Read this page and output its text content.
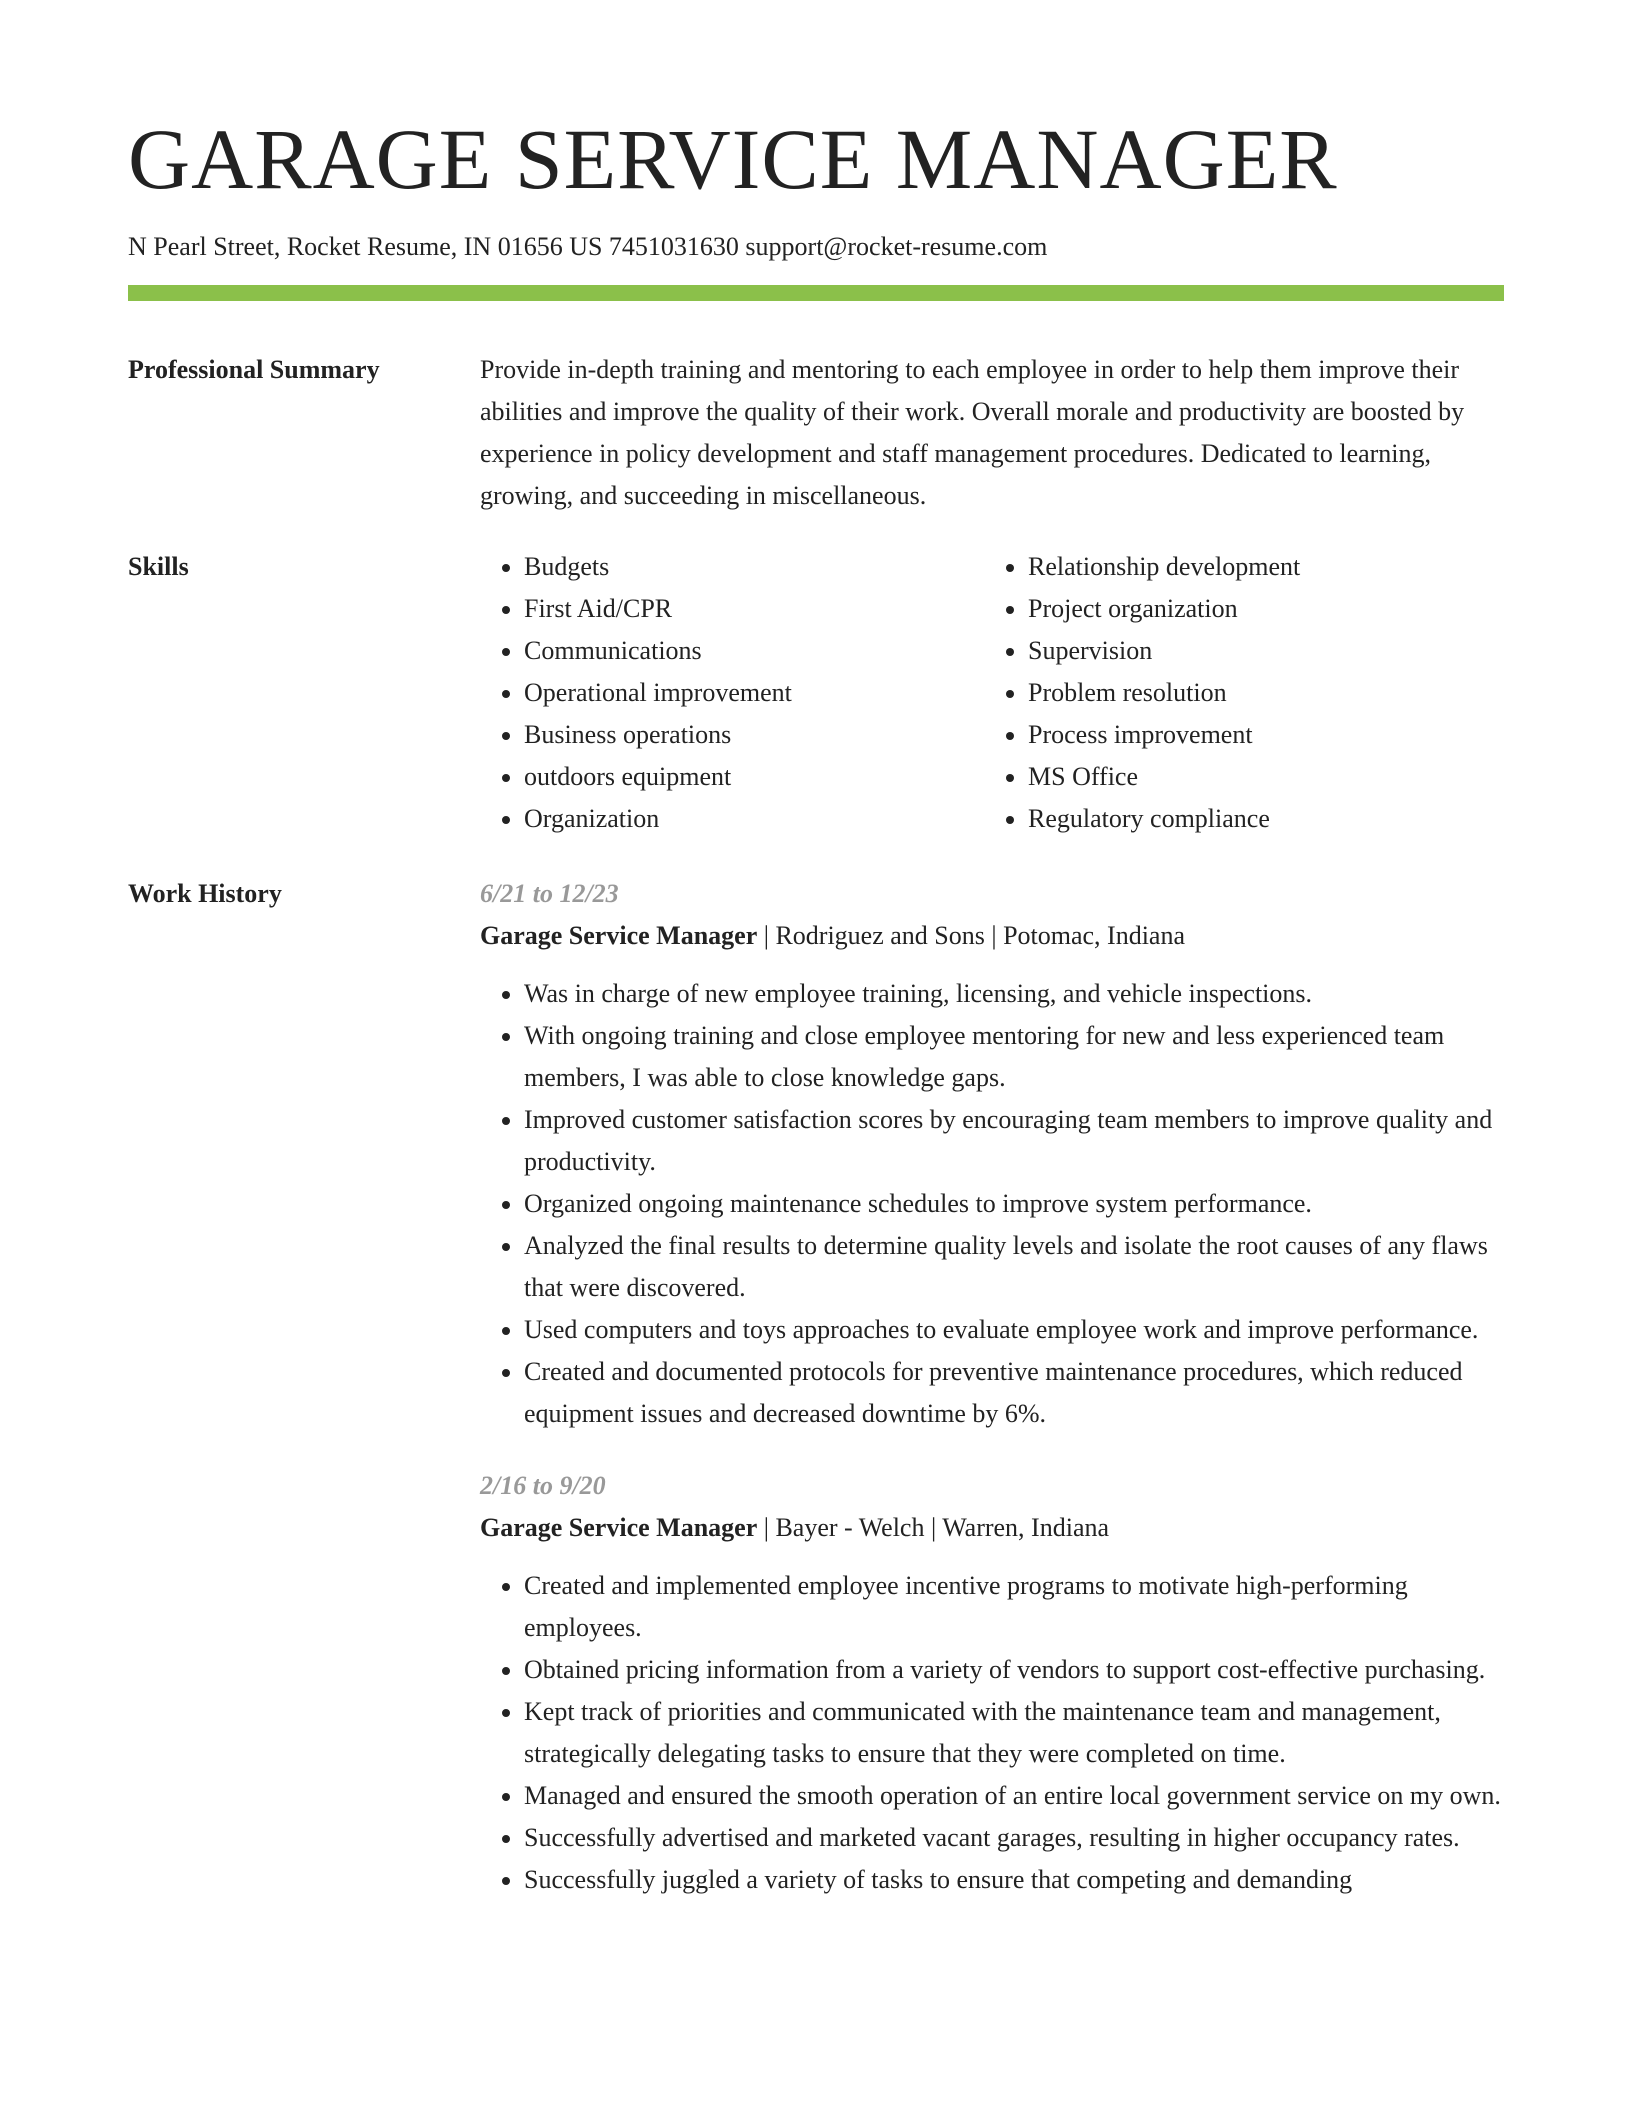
GARAGE SERVICE MANAGER
N Pearl Street, Rocket Resume, IN 01656 US 7451031630 support@rocket-resume.com
Professional Summary	Provide in-depth training and mentoring to each employee in order to help them improve their abilities and improve the quality of their work. Overall morale and productivity are boosted by experience in policy development and staff management procedures. Dedicated to learning, growing, and succeeding in miscellaneous.

Skills
•	Budgets
• First Aid/CPR
• Communications
• Operational improvement
• Business operations
• outdoors equipment
• Organization
• Relationship development
• Project organization
• Supervision
• Problem resolution
• Process improvement
• MS Office
• Regulatory compliance
Work History	6/21 to 12/23
Garage Service Manager | Rodriguez and Sons | Potomac, Indiana
• Was in charge of new employee training, licensing, and vehicle inspections.
• With ongoing training and close employee mentoring for new and less experienced team members, I was able to close knowledge gaps.
• Improved customer satisfaction scores by encouraging team members to improve quality and productivity.
• Organized ongoing maintenance schedules to improve system performance.
• Analyzed the final results to determine quality levels and isolate the root causes of any flaws that were discovered.
• Used computers and toys approaches to evaluate employee work and improve performance.
• Created and documented protocols for preventive maintenance procedures, which reduced equipment issues and decreased downtime by 6%.
2/16 to 9/20
Garage Service Manager | Bayer - Welch | Warren, Indiana
• Created and implemented employee incentive programs to motivate high-performing employees.
• Obtained pricing information from a variety of vendors to support cost-effective purchasing.
• Kept track of priorities and communicated with the maintenance team and management, strategically delegating tasks to ensure that they were completed on time.
• Managed and ensured the smooth operation of an entire local government service on my own.
• Successfully advertised and marketed vacant garages, resulting in higher occupancy rates.
• Successfully juggled a variety of tasks to ensure that competing and demanding
